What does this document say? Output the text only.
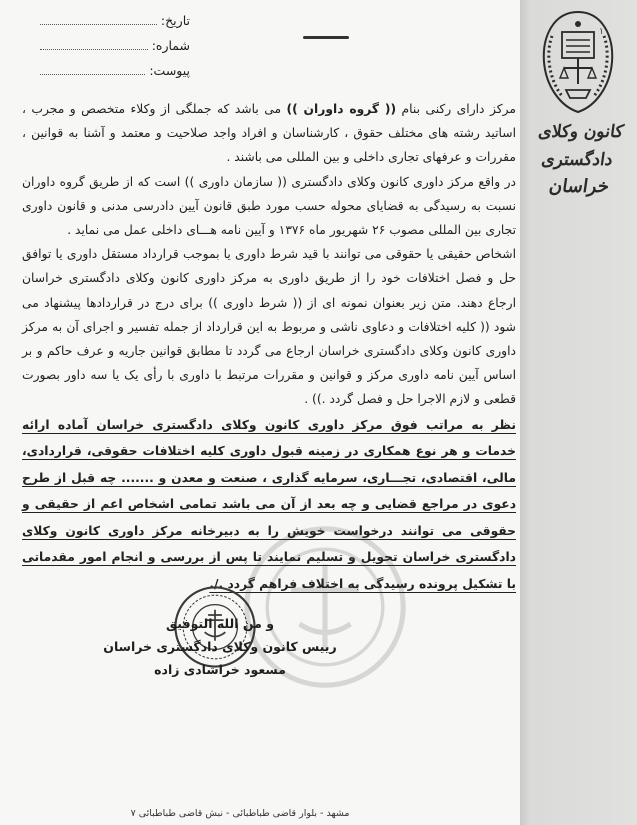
تاریخ:
شماره:
پیوست:

مرکز دارای رکنی بنام (( گروه داوران )) می باشد که جملگی از وکلاء متخصص و مجرب ، اساتید رشته های مختلف حقوق ، کارشناسان و افراد واجد صلاحیت و معتمد و آشنا به قوانین ، مقررات و عرفهای تجاری داخلی و بین المللی می باشند .

در واقع مرکز داوری کانون وکلای دادگستری (( سازمان داوری )) است که از طریق گروه داوران نسبت به رسیدگی به قضایای محوله حسب مورد طبق قانون آیین دادرسی مدنی و قانون داوری تجاری بین المللی مصوب ۲۶ شهریور ماه ۱۳۷۶ و آیین نامه هـــای داخلی عمل می نماید .

اشخاص حقیقی یا حقوقی می توانند با قید شرط داوری یا بموجب قرارداد مستقل داوری یا توافق حل و فصل اختلافات خود را از طریق داوری به مرکز داوری کانون وکلای دادگستری خراسان ارجاع دهند. متن زیر بعنوان نمونه ای از (( شرط داوری )) برای درج در قراردادها پیشنهاد می شود (( کلیه اختلافات و دعاوی ناشی و مربوط به این قرارداد از جمله تفسیر و اجرای آن به مرکز داوری کانون وکلای دادگستری خراسان ارجاع می گردد تا مطابق قوانین جاریه و عرف حاکم و بر اساس آیین نامه داوری مرکز و قوانین و مقررات مرتبط با داوری با رأی یک یا سه داور بصورت قطعی و لازم الاجرا حل و فصل گردد .)) .

نظر به مراتب فوق مرکز داوری کانون وکلای دادگستری خراسان آماده ارائه خدمات و هر نوع همکاری در زمینه قبول داوری کلیه اختلافات حقوقی، قراردادی، مالی، اقتصادی، تجـــاری، سرمایه گذاری ، صنعت و معدن و ....... چه قبل از طرح دعوی در مراجع قضایی و چه بعد از آن می باشد تمامی اشخاص اعم از حقیقی و حقوقی می توانند درخواست خویش را به دبیرخانه مرکز داوری کانون وکلای دادگستری خراسان تحویل و تسلیم نمایند تا پس از بررسی و انجام امور مقدماتی با تشکیل پرونده رسیدگی به اختلاف فراهم گردد ./.

و من الله التوفیق
رییس کانون وکلای دادگستری خراسان
مسعود خراشادی زاده
مشهد - بلوار قاضی طباطبائی - نبش قاضی طباطبائی ۷
کانون وکلای دادگستری
خراسان
۱
